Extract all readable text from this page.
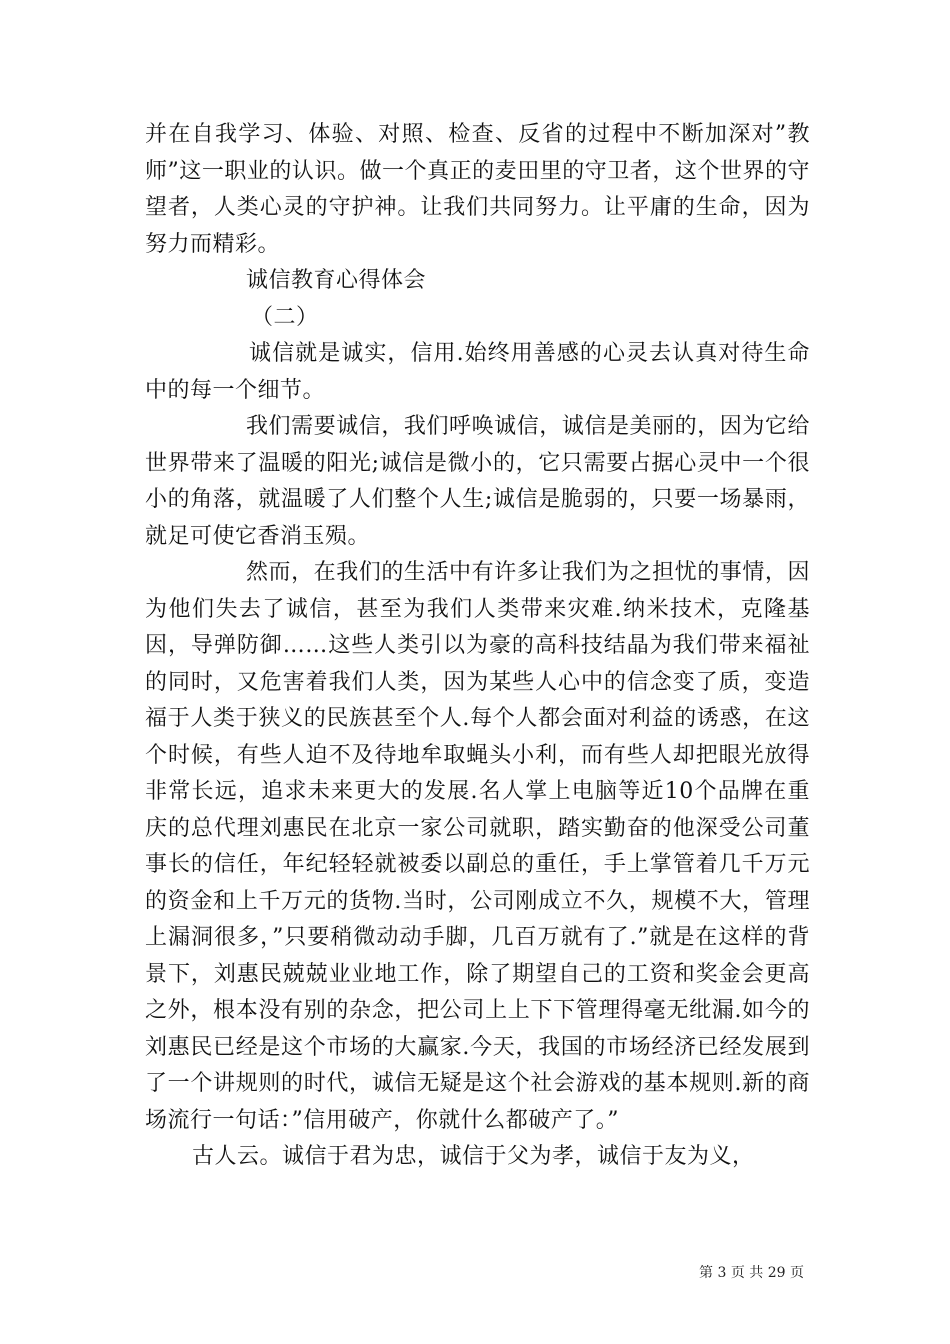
并在自我学习、体验、对照、检查、反省的过程中不断加深对”教师”这一职业的认识。做一个真正的麦田里的守卫者，这个世界的守望者，人类心灵的守护神。让我们共同努力。让平庸的生命，因为努力而精彩。

诚信教育心得体会

（二）

诚信就是诚实，信用.始终用善感的心灵去认真对待生命中的每一个细节。

我们需要诚信，我们呼唤诚信，诚信是美丽的，因为它给世界带来了温暖的阳光;诚信是微小的，它只需要占据心灵中一个很小的角落，就温暖了人们整个人生;诚信是脆弱的，只要一场暴雨，就足可使它香消玉殒。

然而，在我们的生活中有许多让我们为之担忧的事情，因为他们失去了诚信，甚至为我们人类带来灾难.纳米技术，克隆基因，导弹防御……这些人类引以为豪的高科技结晶为我们带来福祉的同时，又危害着我们人类，因为某些人心中的信念变了质，变造福于人类于狭义的民族甚至个人.每个人都会面对利益的诱惑，在这个时候，有些人迫不及待地牟取蝇头小利，而有些人却把眼光放得非常长远，追求未来更大的发展.名人掌上电脑等近10个品牌在重庆的总代理刘惠民在北京一家公司就职，踏实勤奋的他深受公司董事长的信任，年纪轻轻就被委以副总的重任，手上掌管着几千万元的资金和上千万元的货物.当时，公司刚成立不久，规模不大，管理上漏洞很多，”只要稍微动动手脚，几百万就有了.”就是在这样的背景下，刘惠民兢兢业业地工作，除了期望自己的工资和奖金会更高之外，根本没有别的杂念，把公司上上下下管理得毫无纰漏.如今的刘惠民已经是这个市场的大赢家.今天，我国的市场经济已经发展到了一个讲规则的时代，诚信无疑是这个社会游戏的基本规则.新的商场流行一句话：”信用破产，你就什么都破产了。”

古人云。诚信于君为忠，诚信于父为孝，诚信于友为义，

第 3 页 共 29 页
